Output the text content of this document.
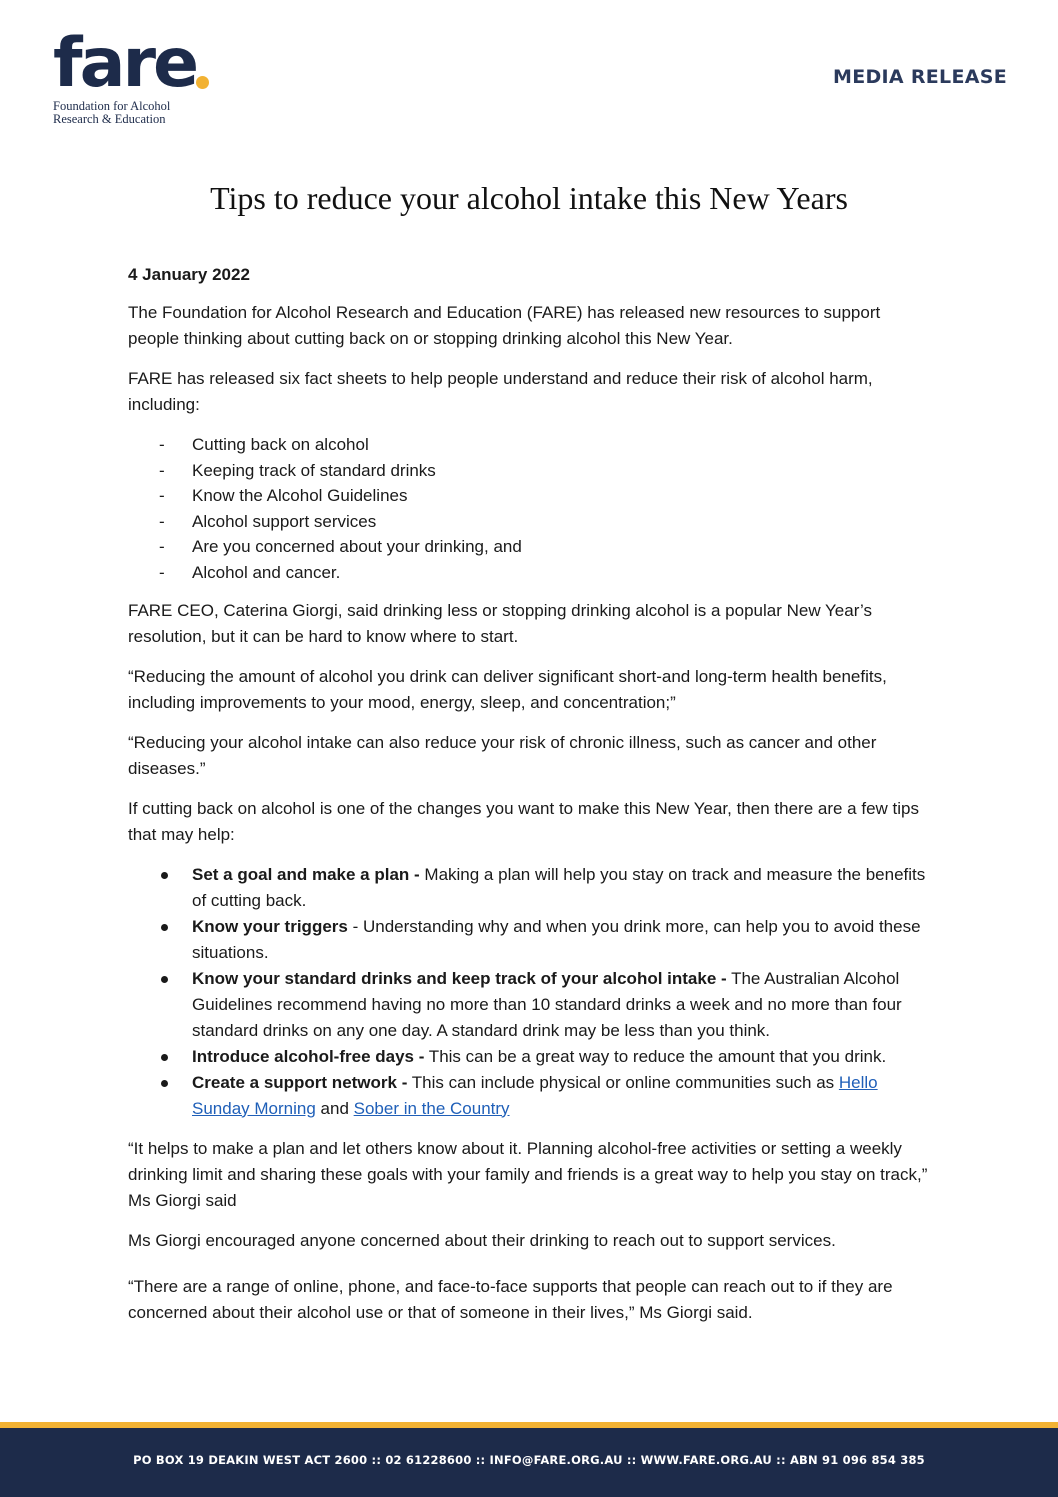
fare
Foundation for Alcohol
Research & Education
MEDIA RELEASE
Tips to reduce your alcohol intake this New Years

4 January 2022

The Foundation for Alcohol Research and Education (FARE) has released new resources to support people thinking about cutting back on or stopping drinking alcohol this New Year.

FARE has released six fact sheets to help people understand and reduce their risk of alcohol harm, including:

- Cutting back on alcohol
- Keeping track of standard drinks
- Know the Alcohol Guidelines
- Alcohol support services
- Are you concerned about your drinking, and
- Alcohol and cancer.

FARE CEO, Caterina Giorgi, said drinking less or stopping drinking alcohol is a popular New Year’s resolution, but it can be hard to know where to start.

“Reducing the amount of alcohol you drink can deliver significant short-and long-term health benefits, including improvements to your mood, energy, sleep, and concentration;”

“Reducing your alcohol intake can also reduce your risk of chronic illness, such as cancer and other diseases.”

If cutting back on alcohol is one of the changes you want to make this New Year, then there are a few tips that may help:

Set a goal and make a plan - Making a plan will help you stay on track and measure the benefits of cutting back.
Know your triggers - Understanding why and when you drink more, can help you to avoid these situations.
Know your standard drinks and keep track of your alcohol intake - The Australian Alcohol Guidelines recommend having no more than 10 standard drinks a week and no more than four standard drinks on any one day. A standard drink may be less than you think.
Introduce alcohol-free days - This can be a great way to reduce the amount that you drink.
Create a support network - This can include physical or online communities such as Hello Sunday Morning and Sober in the Country

“It helps to make a plan and let others know about it. Planning alcohol-free activities or setting a weekly drinking limit and sharing these goals with your family and friends is a great way to help you stay on track,” Ms Giorgi said

Ms Giorgi encouraged anyone concerned about their drinking to reach out to support services.

“There are a range of online, phone, and face-to-face supports that people can reach out to if they are concerned about their alcohol use or that of someone in their lives,” Ms Giorgi said.

PO BOX 19 DEAKIN WEST ACT 2600 :: 02 61228600 :: INFO@FARE.ORG.AU :: WWW.FARE.ORG.AU :: ABN 91 096 854 385
